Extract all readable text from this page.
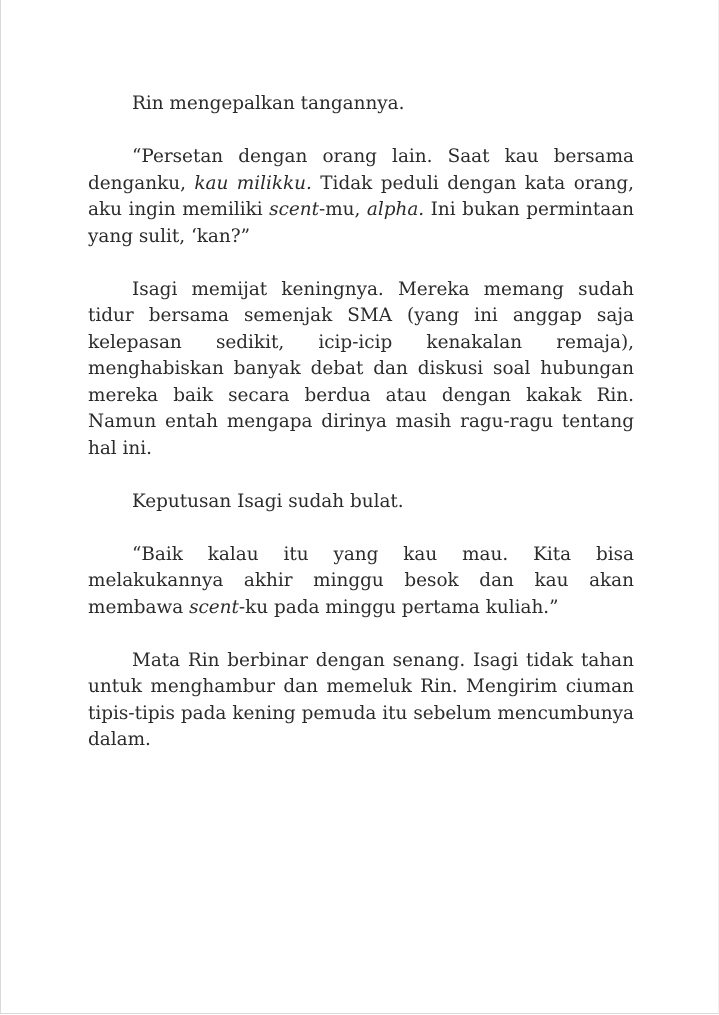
Rin mengepalkan tangannya.

“Persetan dengan orang lain. Saat kau bersama denganku, kau milikku. Tidak peduli dengan kata orang, aku ingin memiliki scent-mu, alpha. Ini bukan permintaan yang sulit, ‘kan?”

Isagi memijat keningnya. Mereka memang sudah tidur bersama semenjak SMA (yang ini anggap saja kelepasan sedikit, icip-icip kenakalan remaja), menghabiskan banyak debat dan diskusi soal hubungan mereka baik secara berdua atau dengan kakak Rin. Namun entah mengapa dirinya masih ragu-ragu tentang hal ini.

Keputusan Isagi sudah bulat.

“Baik kalau itu yang kau mau. Kita bisa melakukannya akhir minggu besok dan kau akan membawa scent-ku pada minggu pertama kuliah.”

Mata Rin berbinar dengan senang. Isagi tidak tahan untuk menghambur dan memeluk Rin. Mengirim ciuman tipis-tipis pada kening pemuda itu sebelum mencumbunya dalam.
